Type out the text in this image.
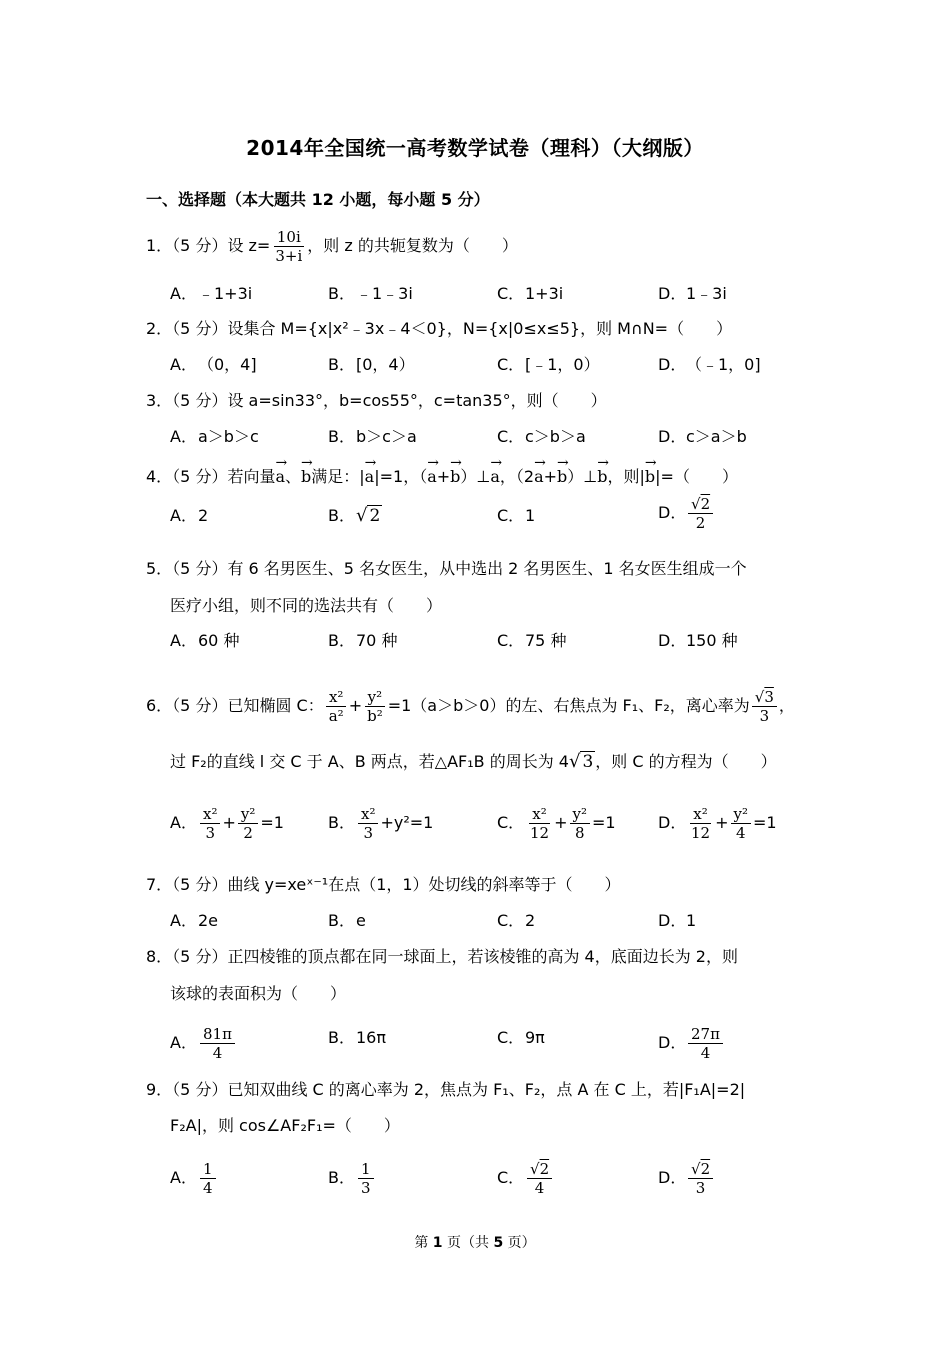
2014年全国统一高考数学试卷（理科）（大纲版）
一、选择题（本大题共 12 小题，每小题 5 分）
1．（5 分）设 $z= \frac{10i}{3+i}$ ，则 z 的共轭复数为（　　）
A．﹣1+3i	B．﹣1﹣3i	C．1+3i	D．1﹣3i
2．（5 分）设集合 M={x|x²﹣3x﹣4＜0}，N={x|0≤x≤5}，则 M∩N=（　　）
A．（0，4]	B．[0，4）	C．[﹣1，0）	D．（﹣1，0]
3．（5 分）设 a=sin33°，b=cos55°，c=tan35°，则（　　）
A．a＞b＞c	B．b＞c＞a	C．c＞b＞a	D．c＞a＞b
4．（5 分）若向量→ a、→ b满足：|→ a|=1，（→ a+→ b）⊥→ a，（2→ a+→ b）⊥→ b，则|→ b|=（　　）
A．2	B．√ 2	C．1	D． $\frac{√2}{2}$
5．（5 分）有 6 名男医生、5 名女医生，从中选出 2 名男医生、1 名女医生组成一个
医疗小组，则不同的选法共有（　　）
A．60 种	B．70 种	C．75 种	D．150 种
6．（5 分）已知椭圆 C： $\frac{\text{x²}}{\text{a²}} + \frac{\text{y²}}{\text{b²}} =1(a>b>0)$的左、右焦点为 F₁、F₂，离心率为 $\frac{√3}{3}$ ，
过 F₂的直线 l 交 C 于 A、B 两点，若△AF₁B 的周长为 4√ 3 ，则 C 的方程为（　　）
A． $\frac{\text{x²}}{3} + \frac{\text{y²}}{2} =1$	B． $\frac{\text{x²}}{3} +y^2=1$	C． $\frac{\text{x²}}{12} + \frac{\text{y²}}{8} =1$	D． $\frac{\text{x²}}{12} + \frac{\text{y²}}{4} =1$
7．（5 分）曲线 y=xeˣ⁻¹在点（1，1）处切线的斜率等于（　　）
A．2e	B．e	C．2	D．1
8．（5 分）正四棱锥的顶点都在同一球面上，若该棱锥的高为 4，底面边长为 2，则
该球的表面积为（　　）
A． $\frac{81\pi}{4}$	B．16π	C．9π	D． $\frac{27\pi}{4}$
9．（5 分）已知双曲线 C 的离心率为 2，焦点为 F₁、F₂，点 A 在 C 上，若|F₁A|=2|
F₂A|，则 cos∠AF₂F₁=（　　）
A． $\frac{1}{4}$	B． $\frac{1}{3}$	C． $\frac{√2}{4}$	D． $\frac{√2}{3}$
第 1 页（共 5 页）
